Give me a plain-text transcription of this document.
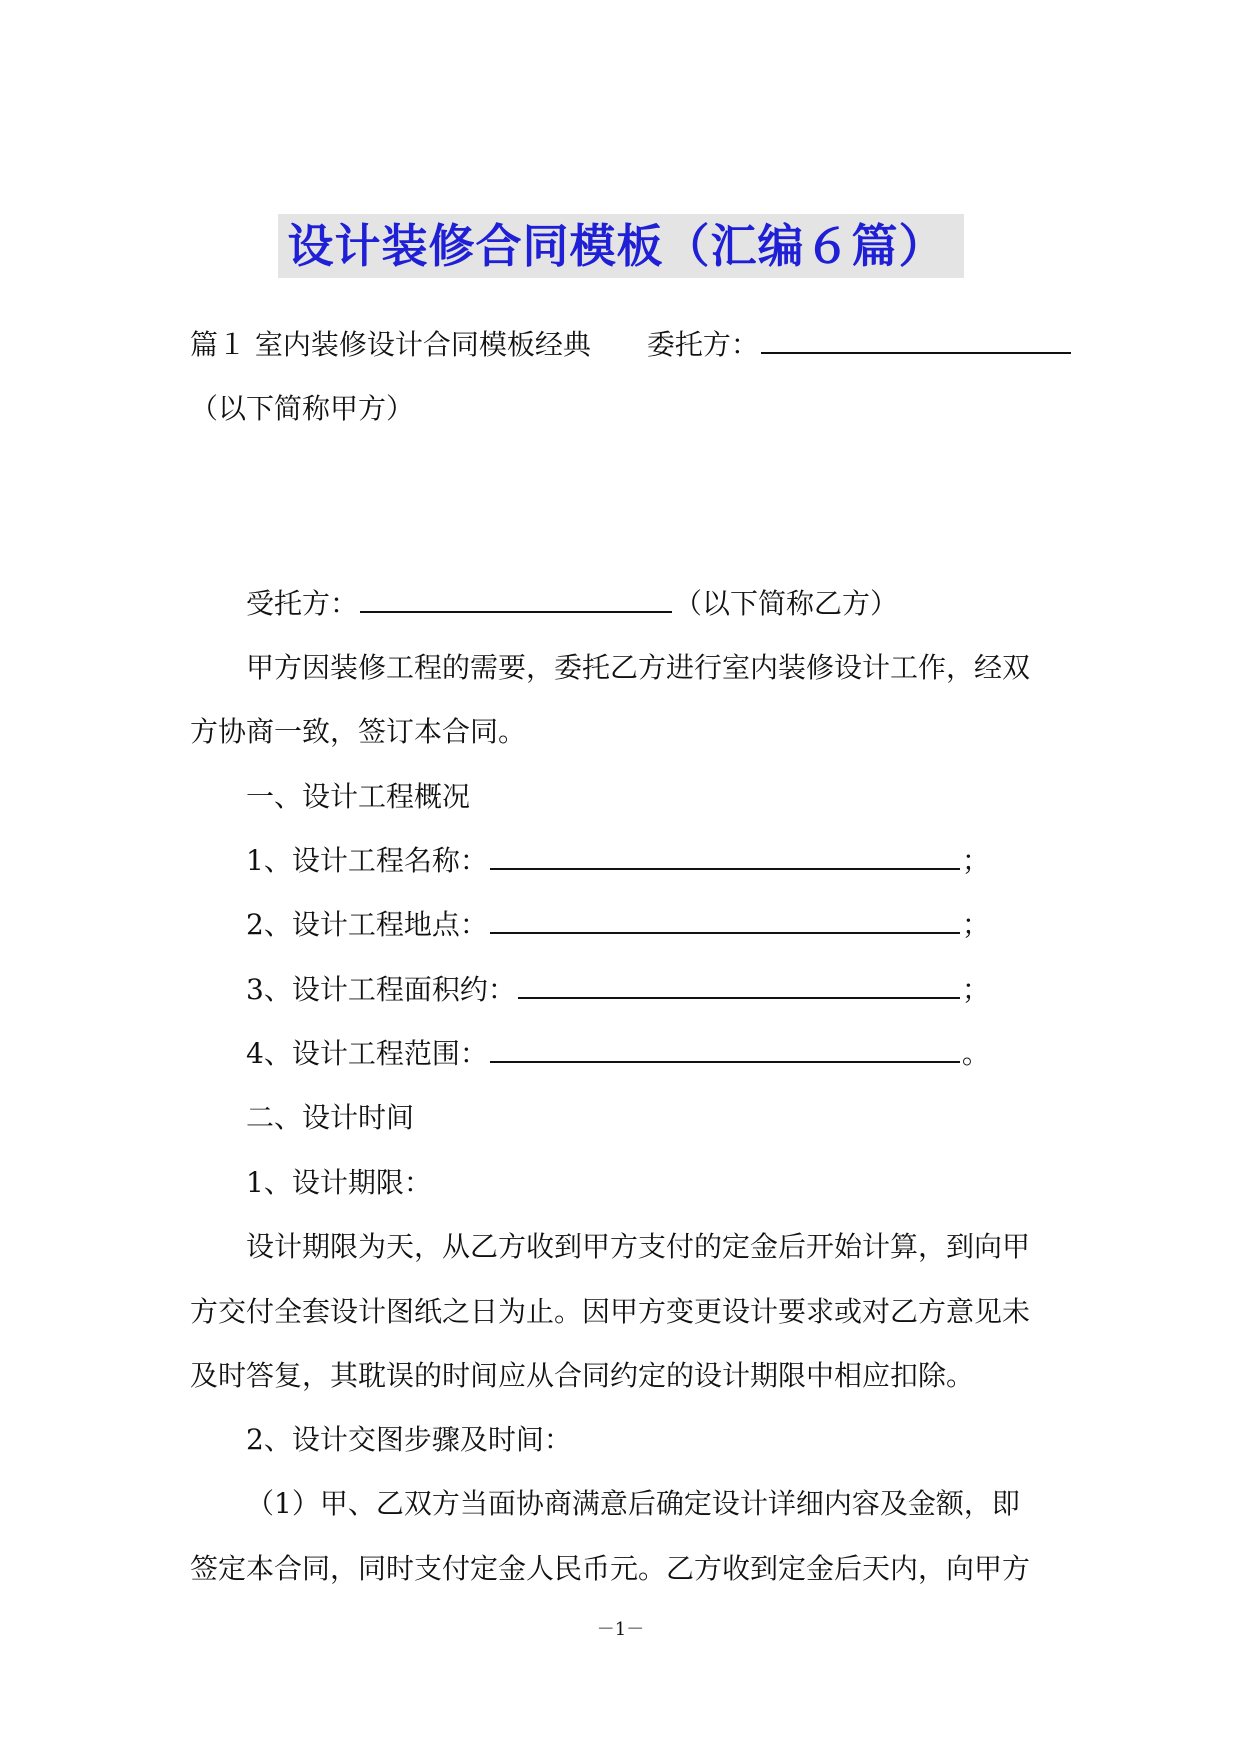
设计装修合同模板（汇编６篇）
篇１ 室内装修设计合同模板经典 委托方：
（以下简称甲方）
受托方：	（以下简称乙方）
甲方因装修工程的需要，委托乙方进行室内装修设计工作，经双
方协商一致，签订本合同。
一、设计工程概况
1、设计工程名称：	；
2、设计工程地点：	；
3、设计工程面积约：	；
4、设计工程范围：	。
二、设计时间
1、设计期限：
设计期限为天，从乙方收到甲方支付的定金后开始计算，到向甲
方交付全套设计图纸之日为止。因甲方变更设计要求或对乙方意见未
及时答复，其耽误的时间应从合同约定的设计期限中相应扣除。
2、设计交图步骤及时间：
（1）甲、乙双方当面协商满意后确定设计详细内容及金额，即
签定本合同，同时支付定金人民币元。乙方收到定金后天内，向甲方
－1－
